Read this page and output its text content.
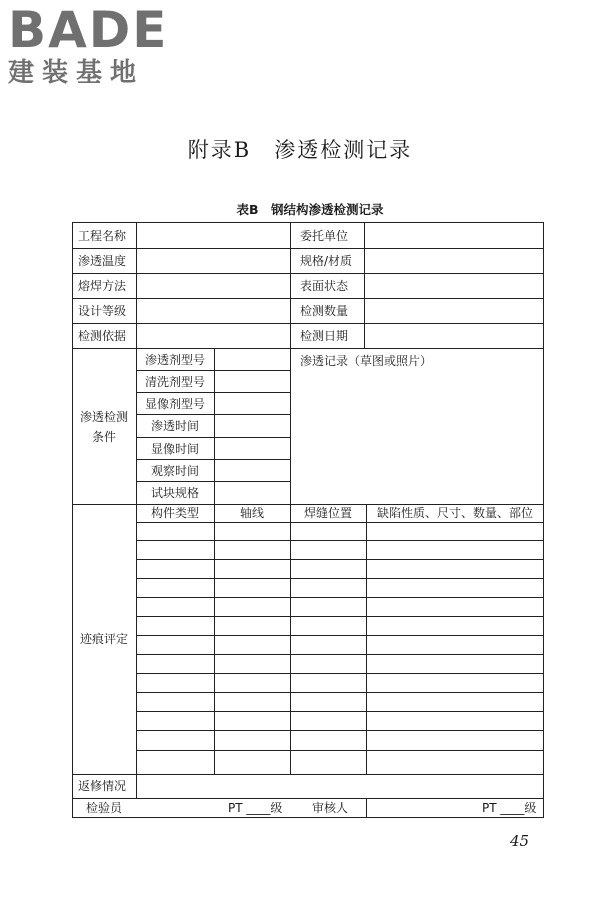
BADE
建装基地
附录B　渗透检测记录
表B　钢结构渗透检测记录
工程名称	委托单位
渗透温度	规格/材质
熔焊方法	表面状态
设计等级	检测数量
检测依据	检测日期
渗透检测
条件
渗透剂型号
清洗剂型号
显像剂型号
渗透时间
显像时间
观察时间
试块规格
渗透记录（草图或照片）
迹痕评定
构件类型	轴线	焊缝位置	缺陷性质、尺寸、数量、部位
返修情况
检验员	PT ____级 审核人	PT ____级
45
